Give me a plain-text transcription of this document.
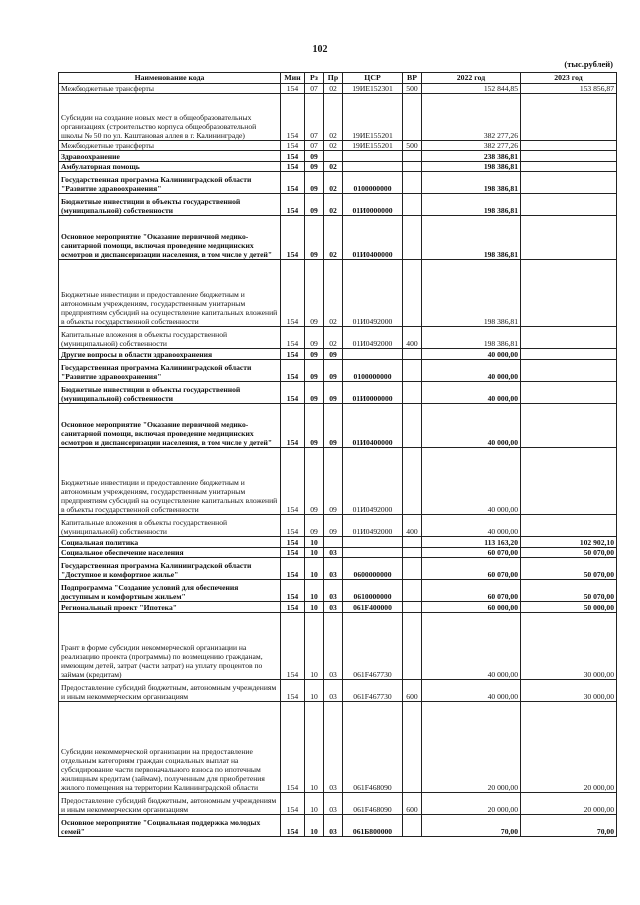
102
(тыс.рублей)
Наименование кода	Мин	Рз	Пр	ЦСР	ВР	2022 год	2023 год
Межбюджетные трансферты	154	07	02	19ИЕ152301	500	152 844,85	153 856,87
Субсидии на создание новых мест в общеобразовательных организациях (строительство корпуса общеобразовательной школы № 50 по ул. Каштановая аллея в г. Калининграде)	154	07	02	19ИЕ155201		382 277,26	
Межбюджетные трансферты	154	07	02	19ИЕ155201	500	382 277,26	
Здравоохранение	154	09				238 386,81	
Амбулаторная помощь	154	09	02			198 386,81	
Государственная программа Калининградской области "Развитие здравоохранения"	154	09	02	0100000000		198 386,81	
Бюджетные инвестиции в объекты государственной (муниципальной) собственности	154	09	02	01И0000000		198 386,81	
Основное мероприятие "Оказание первичной медико-санитарной помощи, включая проведение медицинских осмотров и диспансеризации населения, в том числе у детей"	154	09	02	01И0400000		198 386,81	
Бюджетные инвестиции и предоставление бюджетным и автономным учреждениям, государственным унитарным предприятиям субсидий на осуществление капитальных вложений в объекты государственной собственности	154	09	02	01И0492000		198 386,81	
Капитальные вложения в объекты государственной (муниципальной) собственности	154	09	02	01И0492000	400	198 386,81	
Другие вопросы в области здравоохранения	154	09	09			40 000,00	
Государственная программа Калининградской области "Развитие здравоохранения"	154	09	09	0100000000		40 000,00	
Бюджетные инвестиции в объекты государственной (муниципальной) собственности	154	09	09	01И0000000		40 000,00	
Основное мероприятие "Оказание первичной медико-санитарной помощи, включая проведение медицинских осмотров и диспансеризации населения, в том числе у детей"	154	09	09	01И0400000		40 000,00	
Бюджетные инвестиции и предоставление бюджетным и автономным учреждениям, государственным унитарным предприятиям субсидий на осуществление капитальных вложений в объекты государственной собственности	154	09	09	01И0492000		40 000,00	
Капитальные вложения в объекты государственной (муниципальной) собственности	154	09	09	01И0492000	400	40 000,00	
Социальная политика	154	10				113 163,20	102 902,10
Социальное обеспечение населения	154	10	03			60 070,00	50 070,00
Государственная программа Калининградской области "Доступное и комфортное жилье"	154	10	03	0600000000		60 070,00	50 070,00
Подпрограмма "Создание условий для обеспечения доступным и комфортным жильем"	154	10	03	0610000000		60 070,00	50 070,00
Региональный проект "Ипотека"	154	10	03	061F400000		60 000,00	50 000,00
Грант в форме субсидии некоммерческой организации на реализацию проекта (программы) по возмещению гражданам, имеющим детей, затрат (части затрат) на уплату процентов по займам (кредитам)	154	10	03	061F467730		40 000,00	30 000,00
Предоставление субсидий бюджетным, автономным учреждениям и иным некоммерческим организациям	154	10	03	061F467730	600	40 000,00	30 000,00
Субсидии некоммерческой организации на предоставление отдельным категориям граждан социальных выплат на субсидирование части первоначального взноса по ипотечным жилищным кредитам (займам), полученным для приобретения жилого помещения на территории Калининградской области	154	10	03	061F468090		20 000,00	20 000,00
Предоставление субсидий бюджетным, автономным учреждениям и иным некоммерческим организациям	154	10	03	061F468090	600	20 000,00	20 000,00
Основное мероприятие "Социальная поддержка молодых семей"	154	10	03	061Б800000		70,00	70,00
